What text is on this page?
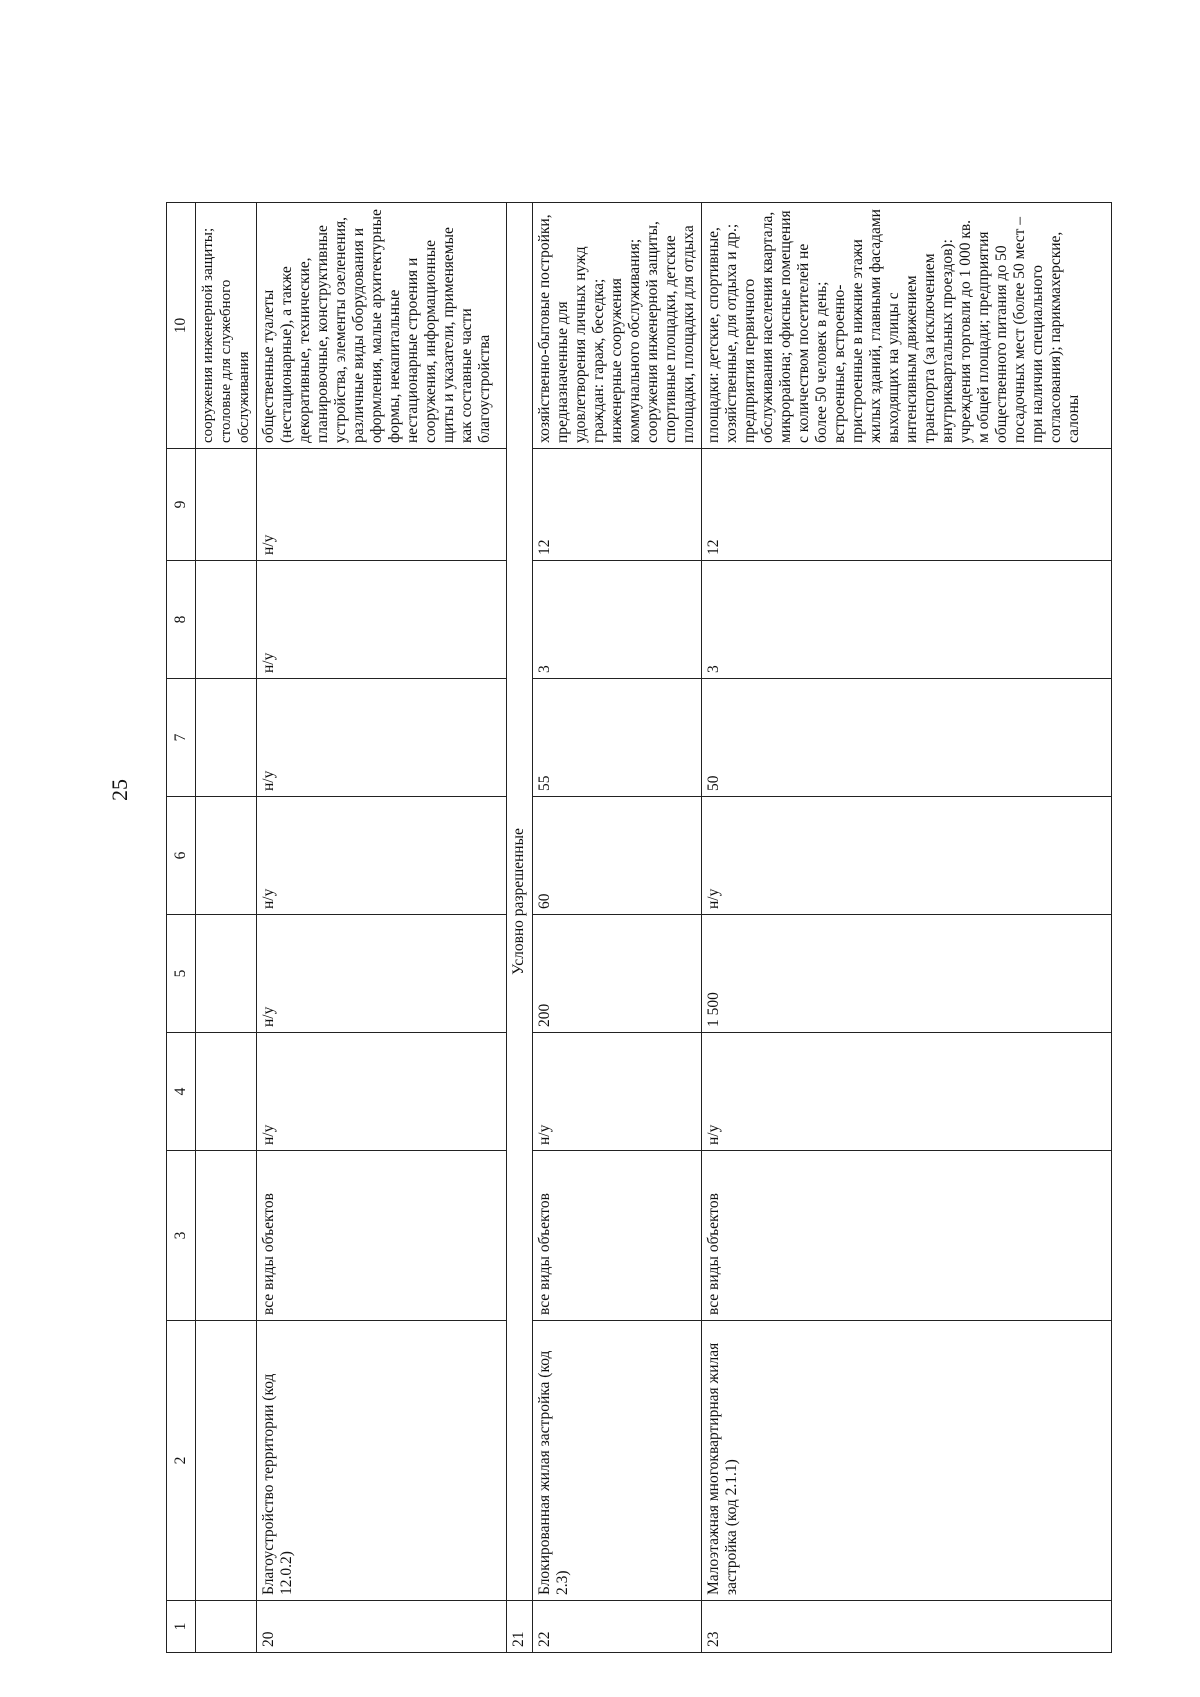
25
1	2	3	4	5	6	7	8	9	10
									сооружения инженерной защиты;
столовые для служебного обслуживания
20	Благоустройство территории (код 12.0.2)	все виды объектов	н/у	н/у	н/у	н/у	н/у	н/у	общественные туалеты (нестационарные), а также декоративные, технические, планировочные, конструктивные устройства, элементы озеленения, различные виды оборудования и оформления, малые архитектурные формы, некапитальные нестационарные строения и сооружения, информационные щиты и указатели, применяемые как составные части благоустройства
21	Условно разрешенные								
22	Блокированная жилая застройка (код 2.3)	все виды объектов	н/у	200	60	55	3	12	хозяйственно-бытовые постройки, предназначенные для удовлетворения личных нужд граждан: гараж, беседка; инженерные сооружения коммунального обслуживания; сооружения инженерной защиты, спортивные площадки, детские площадки, площадки для отдыха
23	Малоэтажная многоквартирная жилая застройка (код 2.1.1)	все виды объектов	н/у	1 500	н/у	50	3	12	площадки: детские, спортивные, хозяйственные, для отдыха и др.; предприятия первичного обслуживания населения квартала, микрорайона; офисные помещения с количеством посетителей не более 50 человек в день; встроенные, встроенно-пристроенные в нижние этажи жилых зданий, главными фасадами выходящих на улицы с интенсивным движением транспорта (за исключением внутриквартальных проездов): учреждения торговли до 1 000 кв. м общей площади; предприятия общественного питания до 50 посадочных мест (более 50 мест – при наличии специального согласования); парикмахерские, салоны
